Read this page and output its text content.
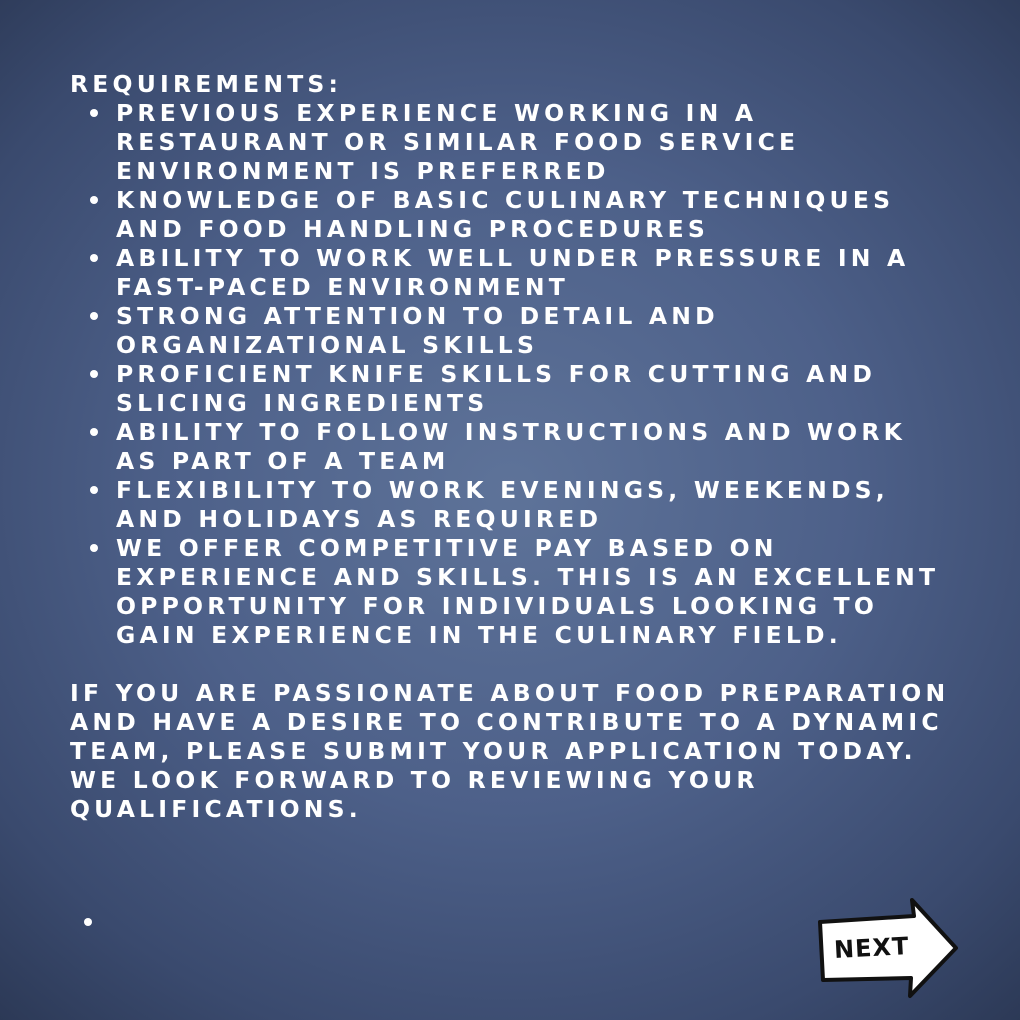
REQUIREMENTS:
PREVIOUS EXPERIENCE WORKING IN A RESTAURANT OR SIMILAR FOOD SERVICE ENVIRONMENT IS PREFERRED
KNOWLEDGE OF BASIC CULINARY TECHNIQUES AND FOOD HANDLING PROCEDURES
ABILITY TO WORK WELL UNDER PRESSURE IN A FAST-PACED ENVIRONMENT
STRONG ATTENTION TO DETAIL AND ORGANIZATIONAL SKILLS
PROFICIENT KNIFE SKILLS FOR CUTTING AND SLICING INGREDIENTS
ABILITY TO FOLLOW INSTRUCTIONS AND WORK AS PART OF A TEAM
FLEXIBILITY TO WORK EVENINGS, WEEKENDS, AND HOLIDAYS AS REQUIRED
WE OFFER COMPETITIVE PAY BASED ON EXPERIENCE AND SKILLS. THIS IS AN EXCELLENT OPPORTUNITY FOR INDIVIDUALS LOOKING TO GAIN EXPERIENCE IN THE CULINARY FIELD.

IF YOU ARE PASSIONATE ABOUT FOOD PREPARATION AND HAVE A DESIRE TO CONTRIBUTE TO A DYNAMIC TEAM, PLEASE SUBMIT YOUR APPLICATION TODAY. WE LOOK FORWARD TO REVIEWING YOUR QUALIFICATIONS.

NEXT
